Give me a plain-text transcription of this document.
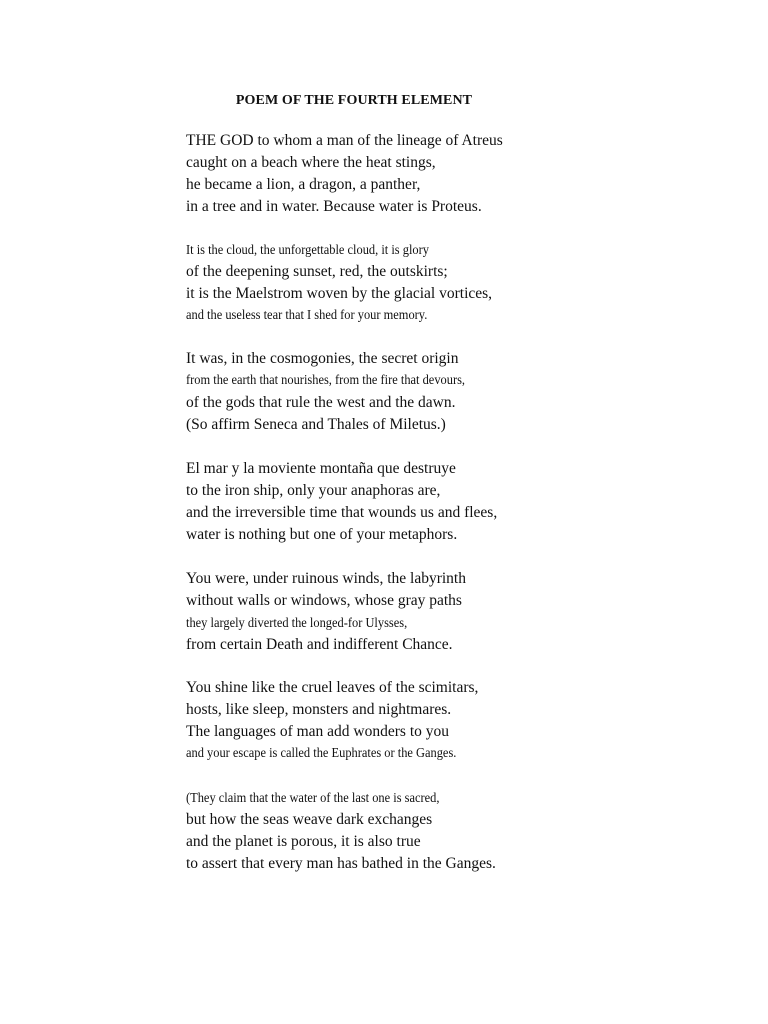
POEM OF THE FOURTH ELEMENT
THE GOD to whom a man of the lineage of Atreus
caught on a beach where the heat stings,
he became a lion, a dragon, a panther,
in a tree and in water. Because water is Proteus.
It is the cloud, the unforgettable cloud, it is glory
of the deepening sunset, red, the outskirts;
it is the Maelstrom woven by the glacial vortices,
and the useless tear that I shed for your memory.
It was, in the cosmogonies, the secret origin
from the earth that nourishes, from the fire that devours,
of the gods that rule the west and the dawn.
(So affirm Seneca and Thales of Miletus.)
El mar y la moviente montaña que destruye
to the iron ship, only your anaphoras are,
and the irreversible time that wounds us and flees,
water is nothing but one of your metaphors.
You were, under ruinous winds, the labyrinth
without walls or windows, whose gray paths
they largely diverted the longed-for Ulysses,
from certain Death and indifferent Chance.
You shine like the cruel leaves of the scimitars,
hosts, like sleep, monsters and nightmares.
The languages of man add wonders to you
and your escape is called the Euphrates or the Ganges.
(They claim that the water of the last one is sacred,
but how the seas weave dark exchanges
and the planet is porous, it is also true
to assert that every man has bathed in the Ganges.
